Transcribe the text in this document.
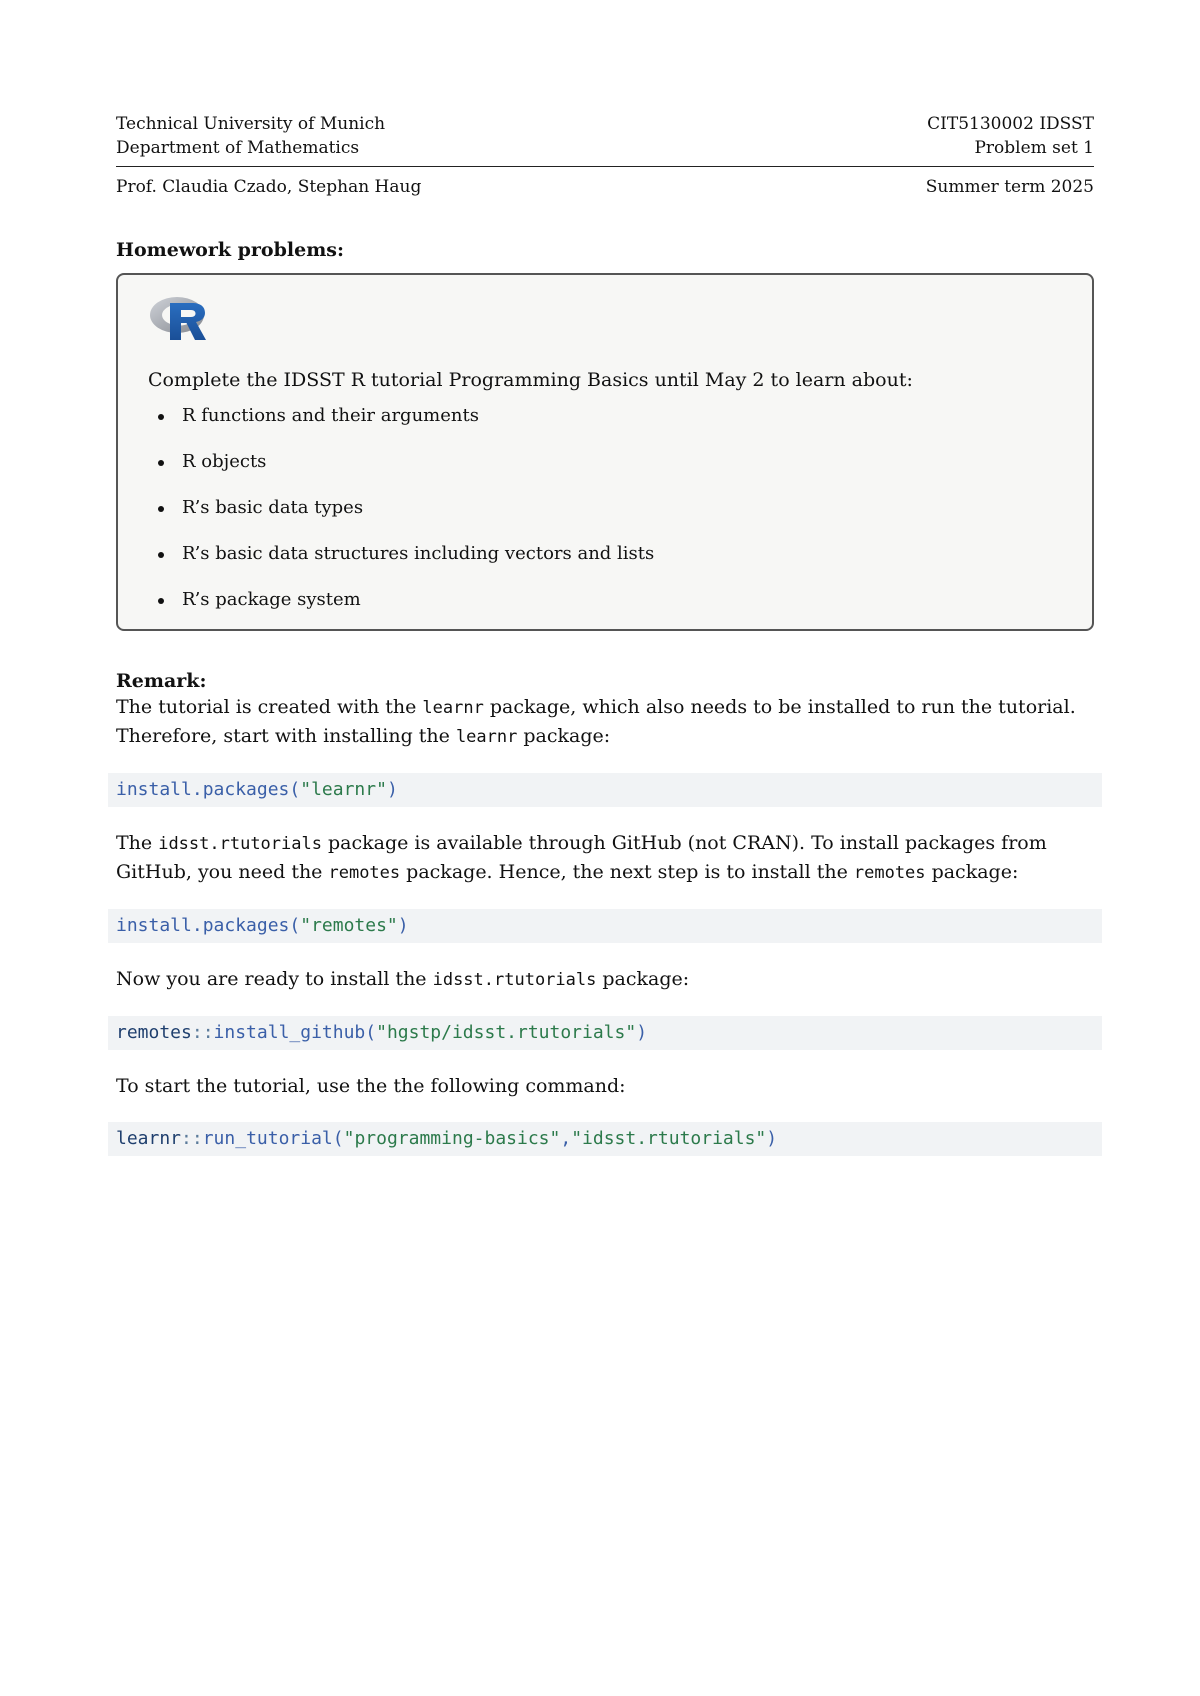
Technical University of Munich
Department of Mathematics
CIT5130002 IDSST
Problem set 1
Prof. Claudia Czado, Stephan Haug	Summer term 2025
Homework problems:
Complete the IDSST R tutorial Programming Basics until May 2 to learn about:
R functions and their arguments
R objects
R’s basic data types
R’s basic data structures including vectors and lists
R’s package system
Remark:
The tutorial is created with the learnr package, which also needs to be installed to run the tutorial. Therefore, start with installing the learnr package:
install.packages("learnr")
The idsst.rtutorials package is available through GitHub (not CRAN). To install packages from GitHub, you need the remotes package. Hence, the next step is to install the remotes package:
install.packages("remotes")
Now you are ready to install the idsst.rtutorials package:
remotes::install_github("hgstp/idsst.rtutorials")
To start the tutorial, use the the following command:
learnr::run_tutorial("programming-basics","idsst.rtutorials")
